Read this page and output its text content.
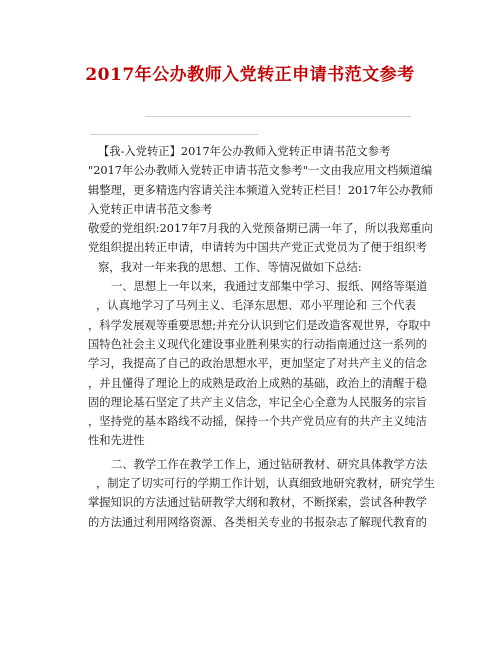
2017年公办教师入党转正申请书范文参考
【我-入党转正】2017年公办教师入党转正申请书范文参考
"2017年公办教师入党转正申请书范文参考"一文由我应用文档频道编
辑整理，更多精选内容请关注本频道入党转正栏目！2017年公办教师
入党转正申请书范文参考
敬爱的党组织:2017年7月我的入党预备期已满一年了，所以我郑重向
党组织提出转正申请，申请转为中国共产党正式党员为了便于组织考
察，我对一年来我的思想、工作、等情况做如下总结:
一、思想上一年以来，我通过支部集中学习、报纸、网络等渠道
，认真地学习了马列主义、毛泽东思想、邓小平理论和 三个代表
，科学发展观等重要思想;并充分认识到它们是改造客观世界，夺取中
国特色社会主义现代化建设事业胜利果实的行动指南通过这一系列的
学习，我提高了自己的政治思想水平，更加坚定了对共产主义的信念
，并且懂得了理论上的成熟是政治上成熟的基础，政治上的清醒于稳
固的理论基石坚定了共产主义信念，牢记全心全意为人民服务的宗旨
，坚持党的基本路线不动摇，保持一个共产党员应有的共产主义纯洁
性和先进性
二、教学工作在教学工作上，通过钻研教材、研究具体教学方法
，制定了切实可行的学期工作计划，认真细致地研究教材，研究学生
掌握知识的方法通过钻研教学大纲和教材，不断探索，尝试各种教学
的方法通过利用网络资源、各类相关专业的书报杂志了解现代教育的
